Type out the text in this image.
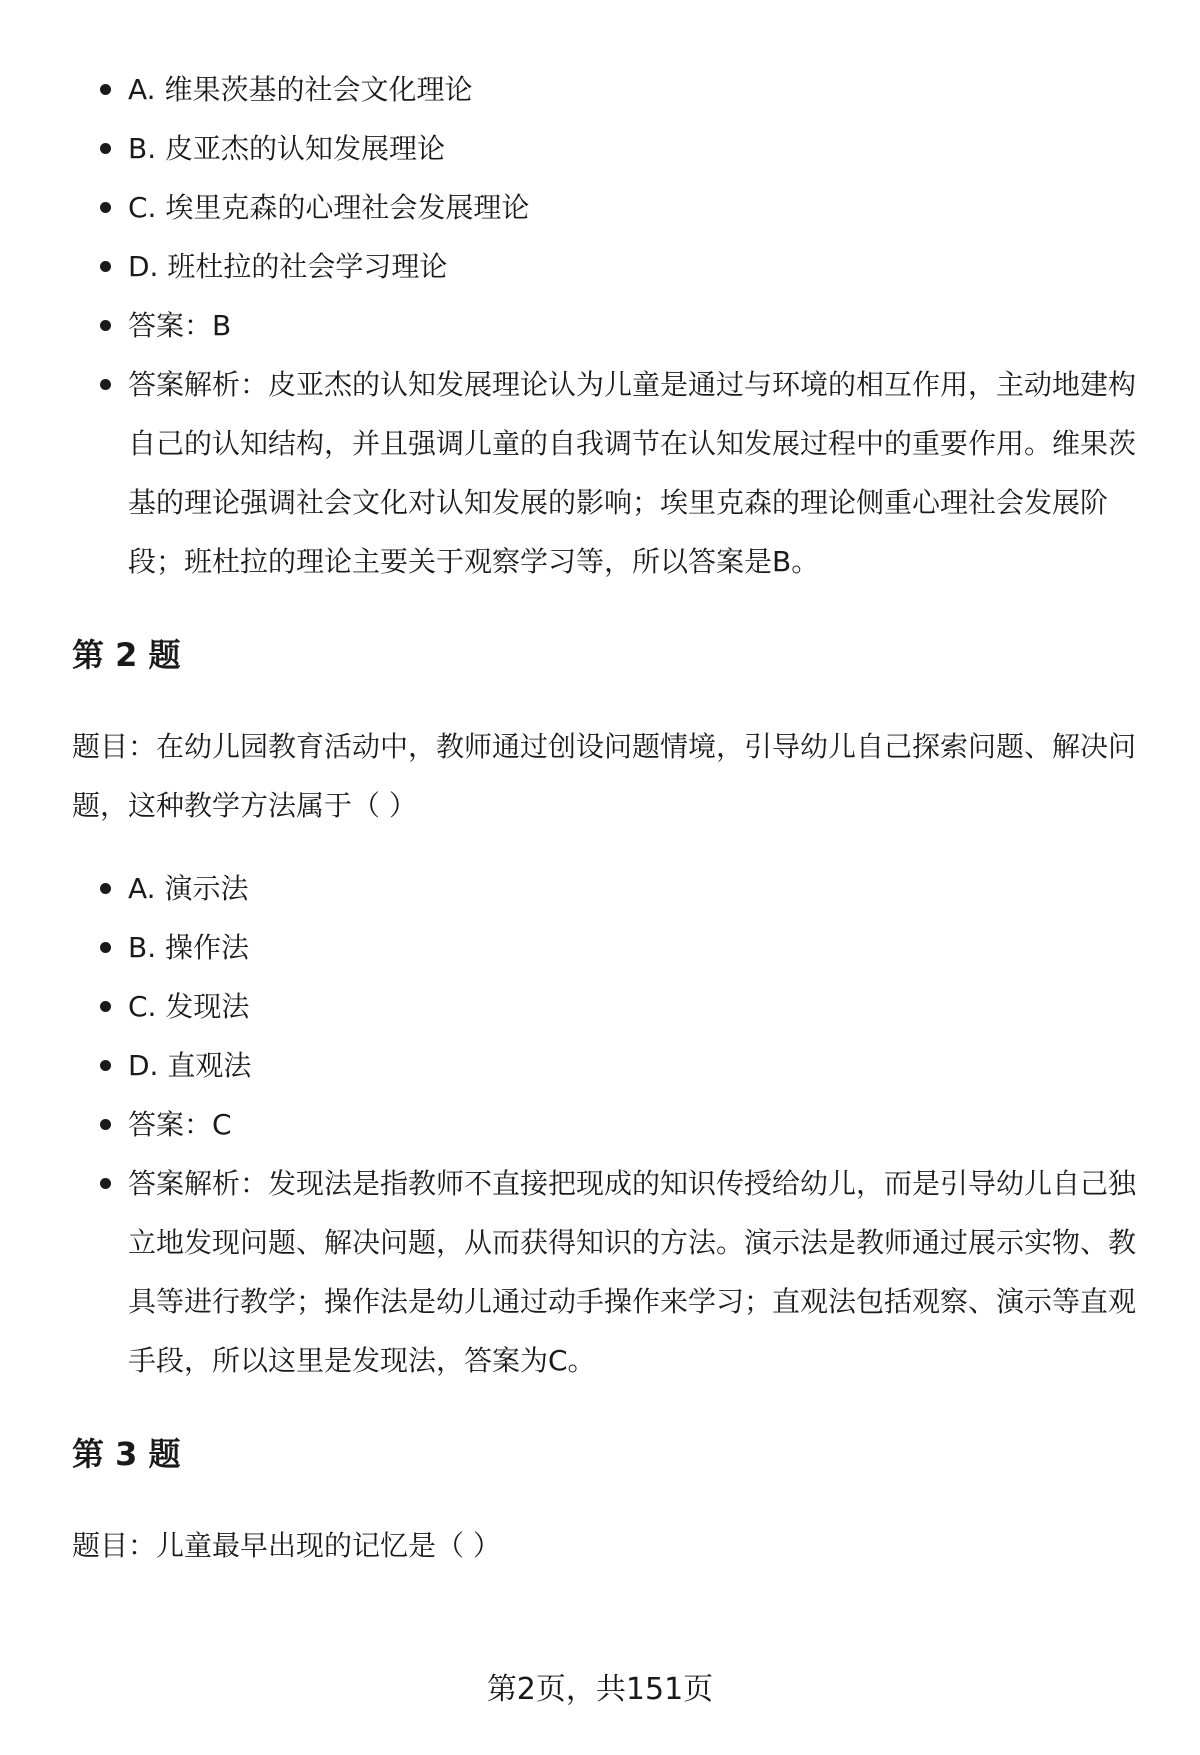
A. 维果茨基的社会文化理论
B. 皮亚杰的认知发展理论
C. 埃里克森的心理社会发展理论
D. 班杜拉的社会学习理论
答案：B
答案解析：皮亚杰的认知发展理论认为儿童是通过与环境的相互作用，主动地建构自己的认知结构，并且强调儿童的自我调节在认知发展过程中的重要作用。维果茨基的理论强调社会文化对认知发展的影响；埃里克森的理论侧重心理社会发展阶段；班杜拉的理论主要关于观察学习等，所以答案是B。
第 2 题

题目：在幼儿园教育活动中，教师通过创设问题情境，引导幼儿自己探索问题、解决问题，这种教学方法属于（ ）

A. 演示法
B. 操作法
C. 发现法
D. 直观法
答案：C
答案解析：发现法是指教师不直接把现成的知识传授给幼儿，而是引导幼儿自己独立地发现问题、解决问题，从而获得知识的方法。演示法是教师通过展示实物、教具等进行教学；操作法是幼儿通过动手操作来学习；直观法包括观察、演示等直观手段，所以这里是发现法，答案为C。
第 3 题

题目：儿童最早出现的记忆是（ ）

第2页，共151页
